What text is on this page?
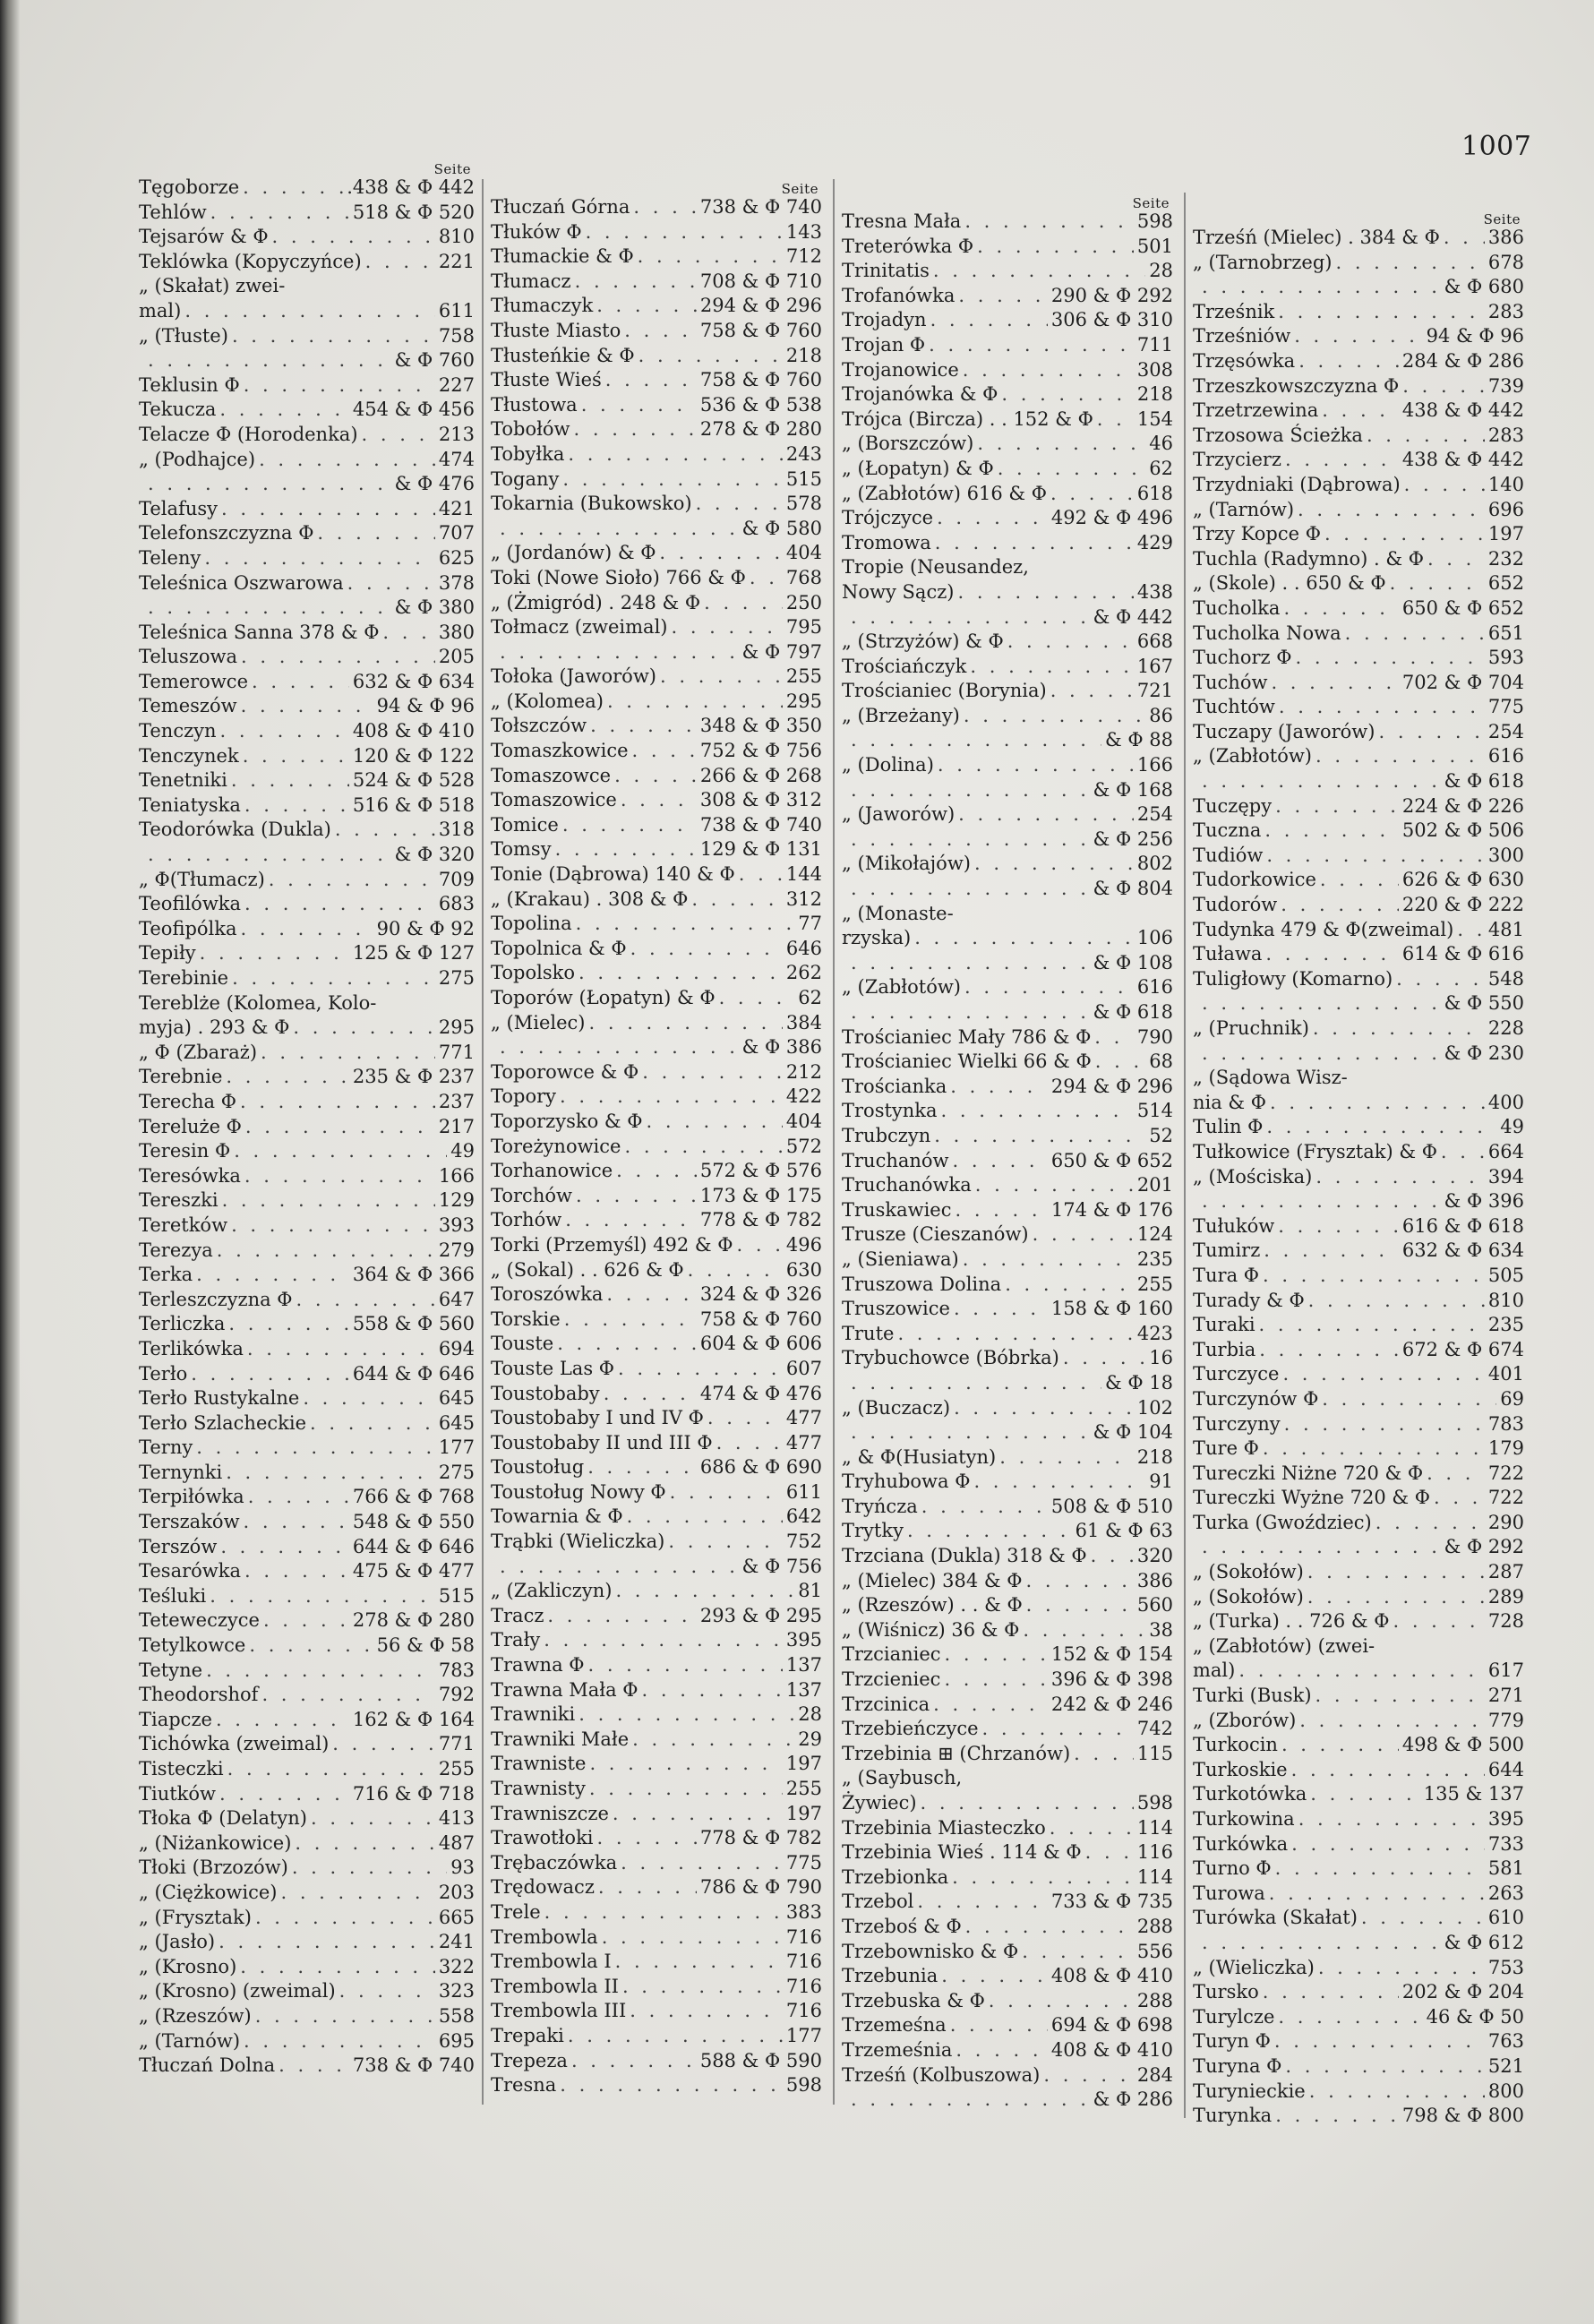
1007
Seite
Tęgoborze . . .	.438 & Φ 442
Tehlów . . .	518 & Φ 520
Tejsarów & Φ . . .	810
Teklówka (Kopyczyńce) . . .	221
„ (Skałat) zwei-
mal) . . .	611
„ (Tłuste) . . .	758
. . .
& Φ 760
Teklusin Φ . . .	227
Tekucza . . .	454 & Φ 456
Telacze Φ (Horodenka) . . .	213
„ (Podhajce) . . .	474
. . .
& Φ 476
Telafusy . . .	421
Telefonszczyzna Φ . . .	707
Teleny . . .	625
Teleśnica Oszwarowa . . .	378
. . .
& Φ 380
Teleśnica Sanna 378 & Φ . . .	380
Teluszowa . . .	205
Temerowce . . .	632 & Φ 634
Temeszów . . .	94 & Φ 96
Tenczyn . . .	408 & Φ 410
Tenczynek . . .	120 & Φ 122
Tenetniki . . .	524 & Φ 528
Teniatyska . . .	516 & Φ 518
Teodorówka (Dukla) . . .	318
. . .
& Φ 320
„ Φ(Tłumacz) . . .	709
Teofilówka . . .	683
Teofipólka . . .	90 & Φ 92
Tepiły . . .	125 & Φ 127
Terebinie . . .	275
Tereblże (Kolomea, Kolo-
myja) . 293 & Φ . . .	295
„ Φ (Zbaraż) . . .	771
Terebnie . . .	235 & Φ 237
Terecha Φ . . .	237
Tereluże Φ . . .	217
Teresin Φ . . .	49
Teresówka . . .	166
Tereszki . . .	129
Teretków . . .	393
Terezya . . .	279
Terka . . .	364 & Φ 366
Terleszczyzna Φ . . .	647
Terliczka . . .	558 & Φ 560
Terlikówka . . .	694
Terło . . .	644 & Φ 646
Terło Rustykalne . . .	645
Terło Szlacheckie . . .	645
Terny . . .	177
Ternynki . . .	275
Terpiłówka . . .	766 & Φ 768
Terszaków . . .	548 & Φ 550
Terszów . . .	644 & Φ 646
Tesarówka . . .	475 & Φ 477
Teśluki . . .	515
Teteweczyce . . .	278 & Φ 280
Tetylkowce . . .	56 & Φ 58
Tetyne . . .	783
Theodorshof . . .	792
Tiapcze . . .	162 & Φ 164
Tichówka (zweimal) . . .	771
Tisteczki . . .	255
Tiutków . . .	716 & Φ 718
Tłoka Φ (Delatyn) . . .	413
„ (Niżankowice) . . .	487
Tłoki (Brzozów) . . .	93
„ (Ciężkowice) . . .	203
„ (Frysztak) . . .	665
„ (Jasło) . . .	241
„ (Krosno) . . .	322
„ (Krosno) (zweimal) . . .	323
„ (Rzeszów) . . .	558
„ (Tarnów) . . .	695
Tłuczań Dolna . . .	738 & Φ 740
Seite
Tłuczań Górna . . .	738 & Φ 740
Tłuków Φ . . .	143
Tłumackie & Φ . . .	712
Tłumacz . . .	708 & Φ 710
Tłumaczyk . . .	294 & Φ 296
Tłuste Miasto . . .	758 & Φ 760
Tłusteńkie & Φ . . .	218
Tłuste Wieś . . .	758 & Φ 760
Tłustowa . . .	536 & Φ 538
Tobołów . . .	278 & Φ 280
Tobyłka . . .	243
Togany . . .	515
Tokarnia (Bukowsko) . . .	578
. . .
& Φ 580
„ (Jordanów) & Φ . . .	404
Toki (Nowe Sioło) 766 & Φ . . . 768
„ (Żmigród) . 248 & Φ . . .	250
Tołmacz (zweimal) . . .	795
. . .
& Φ 797
Tołoka (Jaworów) . . .	255
„ (Kolomea) . . .	295
Tołszczów . . .	348 & Φ 350
Tomaszkowice . . .	752 & Φ 756
Tomaszowce . . .	266 & Φ 268
Tomaszowice . . .	308 & Φ 312
Tomice . . .	738 & Φ 740
Tomsy . . .	129 & Φ 131
Tonie (Dąbrowa) 140 & Φ . . .	144
„ (Krakau) . 308 & Φ . . .	312
Topolina . . .	77
Topolnica & Φ . . .	646
Topolsko . . .	262
Toporów (Łopatyn) & Φ . . .	62
„ (Mielec) . . .	384
. . .
& Φ 386
Toporowce & Φ . . .	212
Topory . . .	422
Toporzysko & Φ . . .	404
Toreżynowice . . .	572
Torhanowice . . .	572 & Φ 576
Torchów . . .	173 & Φ 175
Torhów . . .	778 & Φ 782
Torki (Przemyśl) 492 & Φ . . .	496
„ (Sokal) . . 626 & Φ . . .	630
Toroszówka . . .	324 & Φ 326
Torskie . . .	758 & Φ 760
Touste . . .	604 & Φ 606
Touste Las Φ . . .	607
Toustobaby . . .	474 & Φ 476
Toustobaby I und IV Φ . . .	477
Toustobaby II und III Φ . . .	477
Toustoług . . .	686 & Φ 690
Toustoług Nowy Φ . . .	611
Towarnia & Φ . . .	642
Trąbki (Wieliczka) . . .	752
. . .
& Φ 756
„ (Zakliczyn) . . .	81
Tracz . . .	293 & Φ 295
Trały . . .	395
Trawna Φ . . .	137
Trawna Mała Φ . . .	137
Trawniki . . .	28
Trawniki Małe . . .	29
Trawniste . . .	197
Trawnisty . . .	255
Trawniszcze . . .	197
Trawotłoki . . .	778 & Φ 782
Trębaczówka . . .	775
Trędowacz . . .	786 & Φ 790
Trele . . .	383
Trembowla . . .	716
Trembowla I . . .	716
Trembowla II . . .	716
Trembowla III . . .	716
Trepaki . . .	177
Trepeza . . .	588 & Φ 590
Tresna . . .	598
Seite
Tresna Mała . . .	598
Treterówka Φ . . .	501
Trinitatis . . .	28
Trofanówka . . .	290 & Φ 292
Trojadyn . . .	306 & Φ 310
Trojan Φ . . .	711
Trojanowice . . .	308
Trojanówka & Φ . . .	218
Trójca (Bircza) . . 152 & Φ . . . 154
„ (Borszczów) . . .	46
„ (Łopatyn) & Φ . . .	62
„ (Zabłotów) 616 & Φ . . .	618
Trójczyce . . .	492 & Φ 496
Tromowa . . .	429
Tropie (Neusandez,
Nowy Sącz) . . .	438
. . .
& Φ 442
„ (Strzyżów) & Φ . . .	668
Trościańczyk . . .	167
Trościaniec (Borynia) . . .	721
„ (Brzeżany) . . .	86
. . .
& Φ 88
„ (Dolina) . . .	166
. . .
& Φ 168
„ (Jaworów) . . .	254
. . .
& Φ 256
„ (Mikołajów) . . .	802
. . .
& Φ 804
„ (Monaste-
rzyska) . . .	106
. . .
& Φ 108
„ (Zabłotów) . . .	616
. . .
& Φ 618
Trościaniec Mały 786 & Φ . . . 790
Trościaniec Wielki 66 & Φ . . .	68
Trościanka . . .	294 & Φ 296
Trostynka . . .	514
Trubczyn . . .	52
Truchanów . . .	650 & Φ 652
Truchanówka . . .	201
Truskawiec . . .	174 & Φ 176
Trusze (Cieszanów) . . .	124
„ (Sieniawa) . . .	235
Truszowa Dolina . . .	255
Truszowice . . .	158 & Φ 160
Trute . . .	423
Trybuchowce (Bóbrka) . . .	16
. . .
& Φ 18
„ (Buczacz) . . .	102
. . .
& Φ 104
„ & Φ(Husiatyn) . . .	218
Tryhubowa Φ . . .	91
Tryńcza . . .	508 & Φ 510
Trytky . . .	61 & Φ 63
Trzciana (Dukla) 318 & Φ . . .	320
„ (Mielec) 384 & Φ . . .	386
„ (Rzeszów) . . & Φ . . .	560
„ (Wiśnicz) 36 & Φ . . .	38
Trzcianiec . . .	152 & Φ 154
Trzcieniec . . .	396 & Φ 398
Trzcinica . . .	242 & Φ 246
Trzebieńczyce . . .	742
Trzebinia ⊞ (Chrzanów) . . .	115
„ (Saybusch,
Żywiec) . . .	598
Trzebinia Miasteczko . . .	114
Trzebinia Wieś . 114 & Φ . . .	116
Trzebionka . . .	114
Trzebol . . .	733 & Φ 735
Trzeboś & Φ . . .	288
Trzebownisko & Φ . . .	556
Trzebunia . . .	408 & Φ 410
Trzebuska & Φ . . .	288
Trzemeśna . . .	694 & Φ 698
Trzemeśnia . . .	408 & Φ 410
Trześń (Kolbuszowa) . . .	284
. . .
& Φ 286
Seite
Trześń (Mielec) . 384 & Φ . . .	386
„ (Tarnobrzeg) . . .	678
. . .
& Φ 680
Trześnik . . .	283
Trześniów . . .	94 & Φ 96
Trzęsówka . . .	284 & Φ 286
Trzeszkowszczyzna Φ . . .	739
Trzetrzewina . . .	438 & Φ 442
Trzosowa Ścieżka . . .	283
Trzycierz . . .	438 & Φ 442
Trzydniaki (Dąbrowa) . . .	140
„ (Tarnów) . . .	696
Trzy Kopce Φ . . .	197
Tuchla (Radymno) . & Φ . . .	232
„ (Skole) . . 650 & Φ . . .	652
Tucholka . . .	650 & Φ 652
Tucholka Nowa . . .	651
Tuchorz Φ . . .	593
Tuchów . . .	702 & Φ 704
Tuchtów . . .	775
Tuczapy (Jaworów) . . .	254
„ (Zabłotów) . . .	616
. . .
& Φ 618
Tuczępy . . .	224 & Φ 226
Tuczna . . .	502 & Φ 506
Tudiów . . .	300
Tudorkowice . . .	626 & Φ 630
Tudorów . . .	220 & Φ 222
Tudynka 479 & Φ(zweimal) . . . 481
Tuława . . .	614 & Φ 616
Tuligłowy (Komarno) . . .	548
. . .
& Φ 550
„ (Pruchnik) . . .	228
. . .
& Φ 230
„ (Sądowa Wisz-
nia & Φ . . .	400
Tulin Φ . . .	49
Tułkowice (Frysztak) & Φ . . .	664
„ (Mościska) . . .	394
. . .
& Φ 396
Tułuków . . .	616 & Φ 618
Tumirz . . .	632 & Φ 634
Tura Φ . . .	505
Turady & Φ . . .	810
Turaki . . .	235
Turbia . . .	672 & Φ 674
Turczyce . . .	401
Turczynów Φ . . .	69
Turczyny . . .	783
Ture Φ . . .	179
Tureczki Niżne 720 & Φ . . .	722
Tureczki Wyżne 720 & Φ . . .	722
Turka (Gwoździec) . . .	290
. . .
& Φ 292
„ (Sokołów) . . .	287
„ (Sokołów) . . .	289
„ (Turka) . . 726 & Φ . . .	728
„ (Zabłotów) (zwei-
mal) . . .	617
Turki (Busk) . . .	271
„ (Zborów) . . .	779
Turkocin . . .	498 & Φ 500
Turkoskie . . .	644
Turkotówka . . .	135 & 137
Turkowina . . .	395
Turkówka . . .	733
Turno Φ . . .	581
Turowa . . .	263
Turówka (Skałat) . . .	610
. . .
& Φ 612
„ (Wieliczka) . . .	753
Tursko . . .	202 & Φ 204
Turylcze . . .	46 & Φ 50
Turyn Φ . . .	763
Turyna Φ . . .	521
Turynieckie . . .	800
Turynka . . .	798 & Φ 800
